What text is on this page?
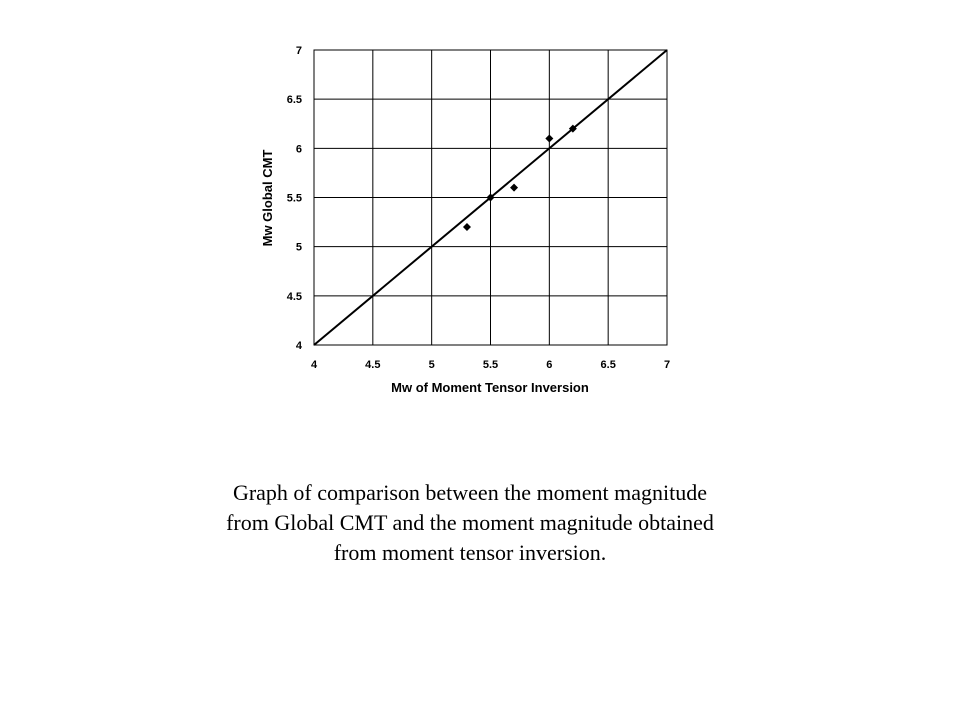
4	4.5	5	5.5	6	6.5	7
4
4.5
5
5.5
6
6.5
7
Mw of Moment Tensor Inversion
Mw Global CMT
Graph of comparison between the moment magnitude
from Global CMT and the moment magnitude obtained
from moment tensor inversion.
